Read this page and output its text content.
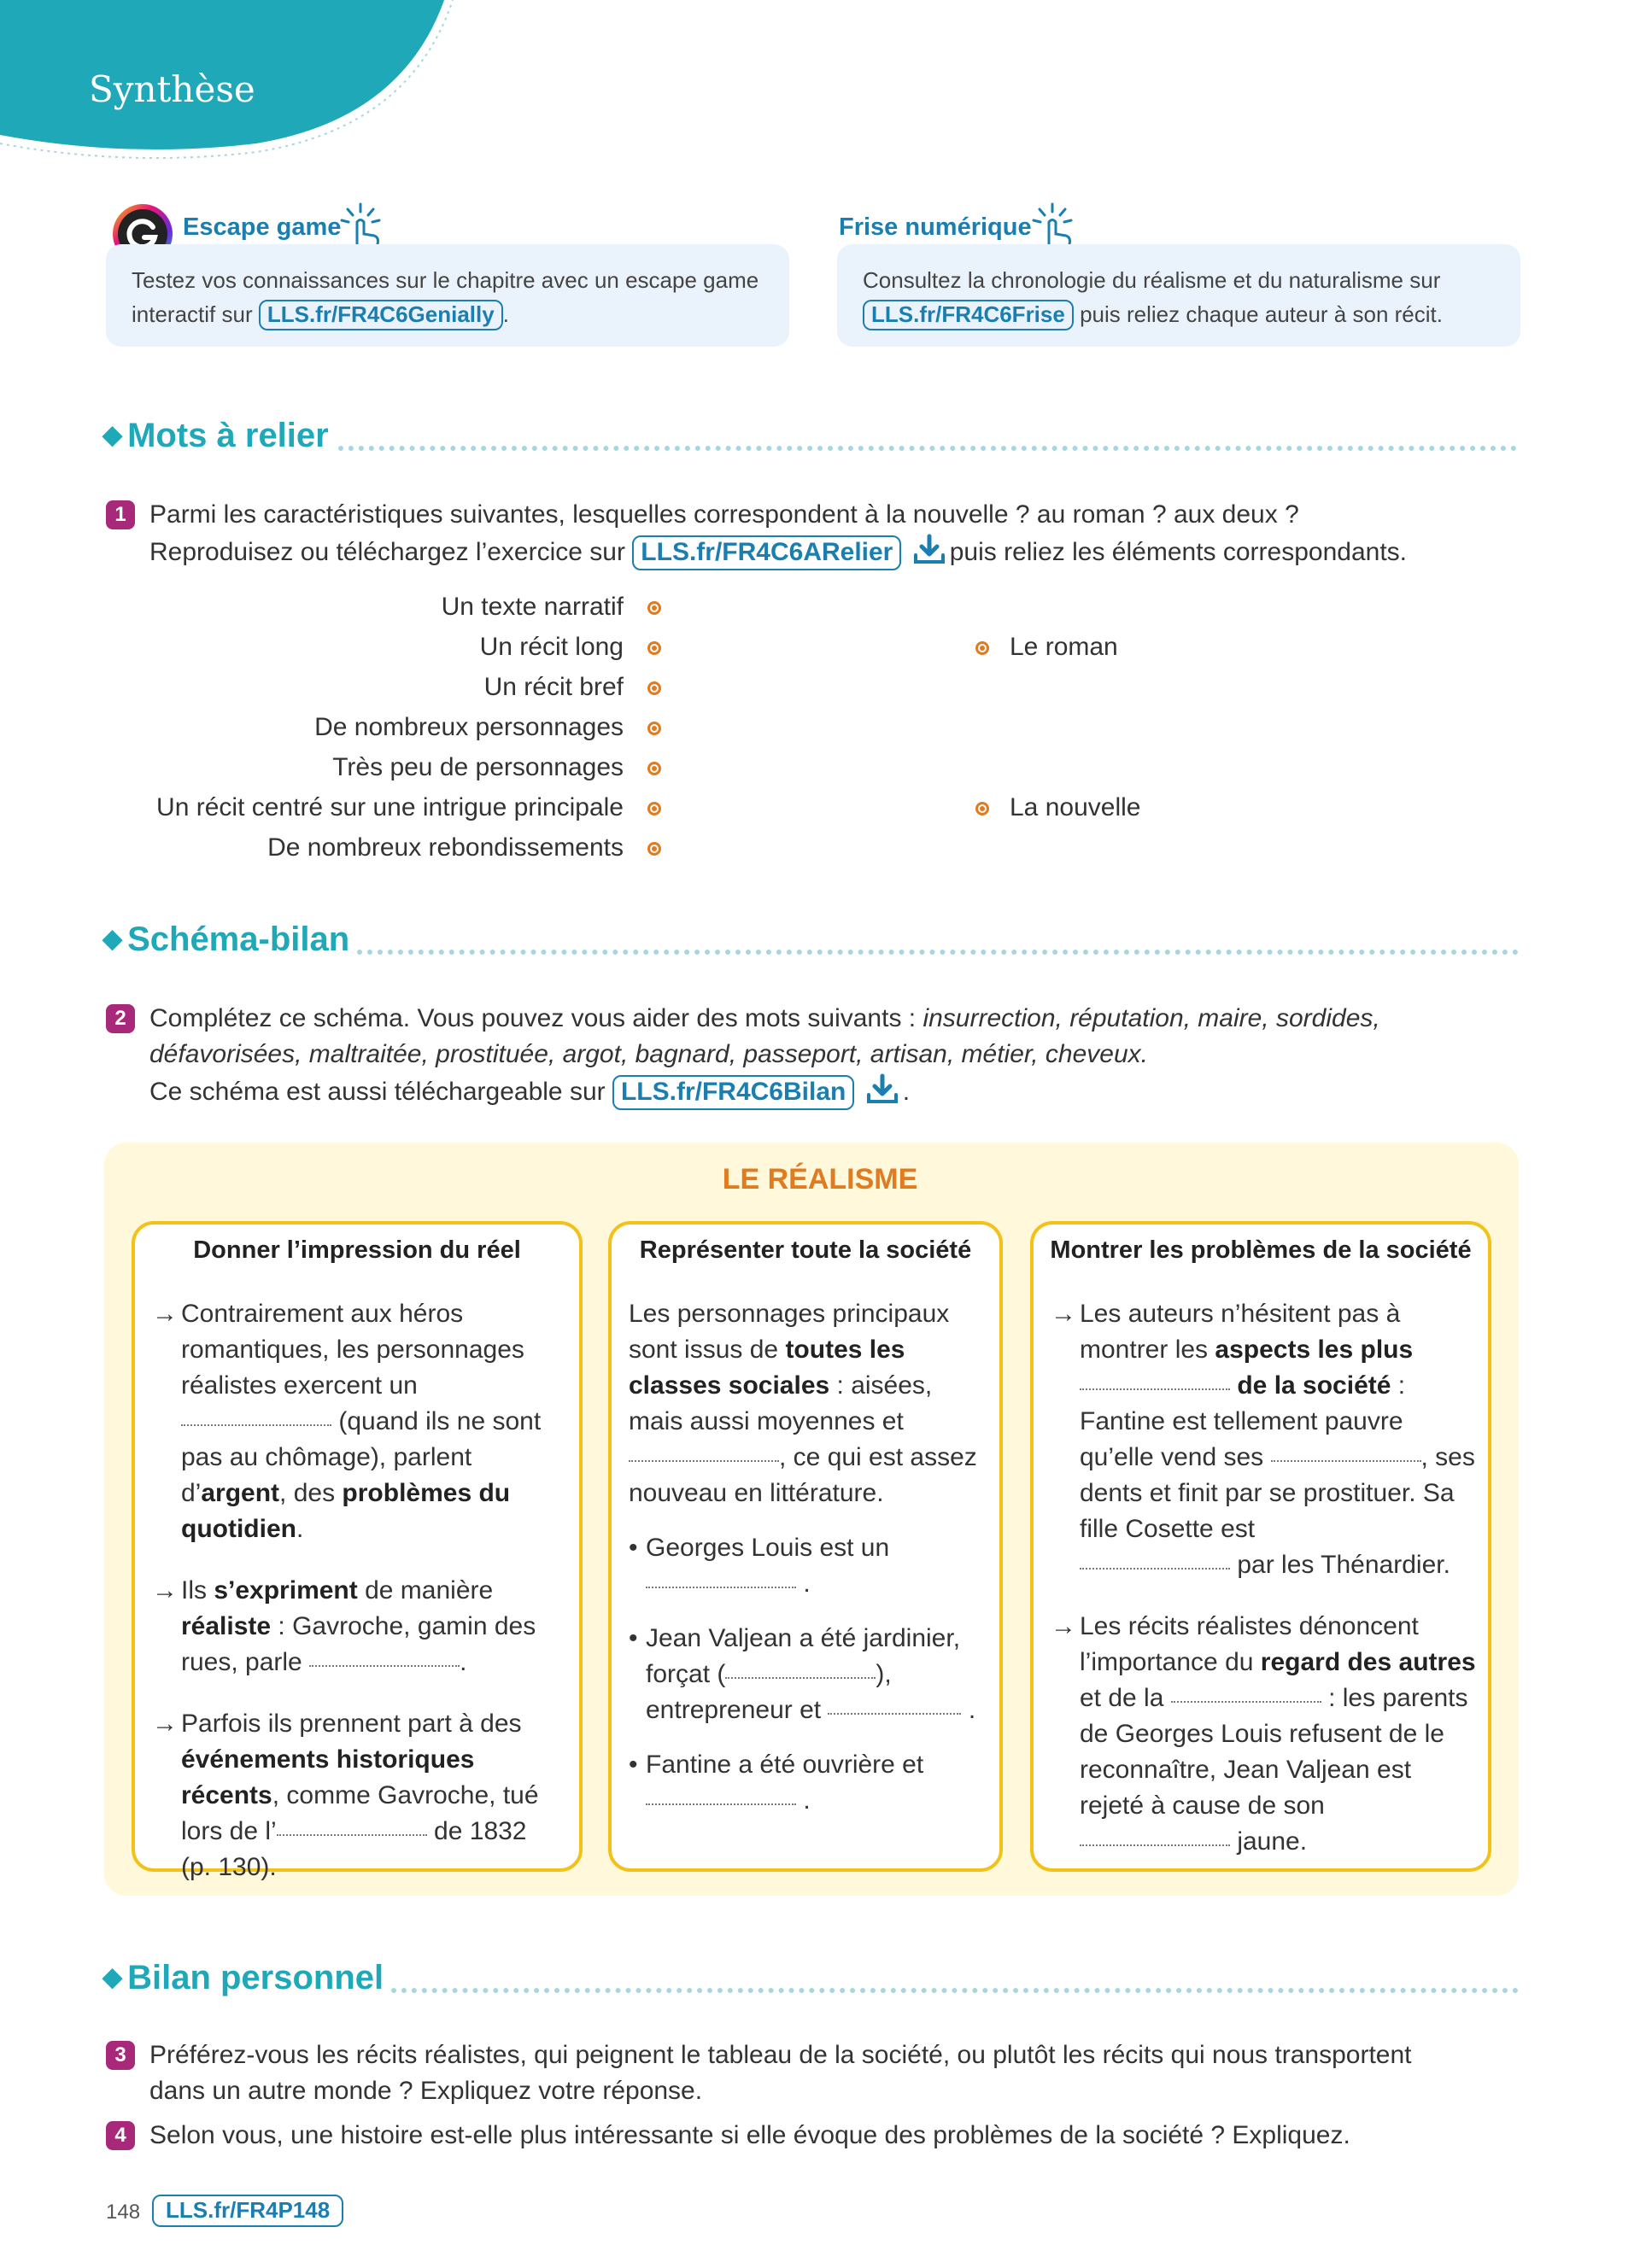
Synthèse
Escape game
Testez vos connaissances sur le chapitre avec un escape game
interactif sur LLS.fr/FR4C6Genially .
Frise numérique
Consultez la chronologie du réalisme et du naturalisme sur
LLS.fr/FR4C6Frise puis reliez chaque auteur à son récit.
◆ Mots à relier
1 Parmi les caractéristiques suivantes, lesquelles correspondent à la nouvelle ? au roman ? aux deux ?
Reproduisez ou téléchargez l’exercice sur LLS.fr/FR4C6ARelier puis reliez les éléments correspondants.
Un texte narratif
Un récit long
Un récit bref
De nombreux personnages
Très peu de personnages
Un récit centré sur une intrigue principale
De nombreux rebondissements
Le roman
La nouvelle
◆ Schéma-bilan
2 Complétez ce schéma. Vous pouvez vous aider des mots suivants : insurrection, réputation, maire, sordides,
défavorisées, maltraitée, prostituée, argot, bagnard, passeport, artisan, métier, cheveux.
Ce schéma est aussi téléchargeable sur LLS.fr/FR4C6Bilan .
LE RÉALISME
Donner l’impression du réel
→ Contrairement aux héros romantiques, les personnages réalistes exercent un
(quand ils ne sont pas au chômage), parlent d’argent, des problèmes du quotidien.
→ Ils s’expriment de manière réaliste : Gavroche, gamin des rues, parle	.
→ Parfois ils prennent part à des événements historiques récents, comme Gavroche, tué lors de l’	de 1832 (p. 130).
Représenter toute la société
Les personnages principaux sont issus de toutes les classes sociales : aisées, mais aussi moyennes et
, ce qui est assez nouveau en littérature.
• Georges Louis est un
.
• Jean Valjean a été jardinier, forçat (	), entrepreneur et	.
• Fantine a été ouvrière et
.
Montrer les problèmes de la société
→ Les auteurs n’hésitent pas à montrer les aspects les plus
de la société : Fantine est tellement pauvre qu’elle vend ses	, ses dents et finit par se prostituer. Sa fille Cosette est
par les Thénardier.
→ Les récits réalistes dénoncent l’importance du regard des autres et de la	: les parents de Georges Louis refusent de le reconnaître, Jean Valjean est rejeté à cause de son
jaune.
◆ Bilan personnel
3 Préférez-vous les récits réalistes, qui peignent le tableau de la société, ou plutôt les récits qui nous transportent
dans un autre monde ? Expliquez votre réponse.
4 Selon vous, une histoire est-elle plus intéressante si elle évoque des problèmes de la société ? Expliquez.
148	LLS.fr/FR4P148
